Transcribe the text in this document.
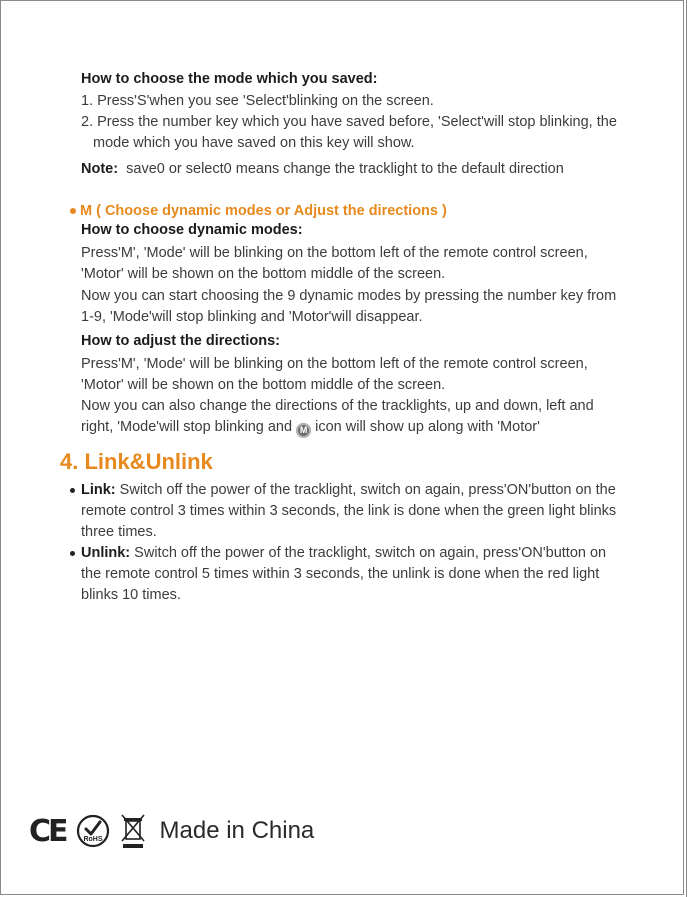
How to choose the mode which you saved:
1. Press'S'when you see 'Select'blinking on the screen.
2. Press the number key which you have saved before, 'Select'will stop blinking, the
mode which you have saved on this key will show.
Note: save0 or select0 means change the tracklight to the default direction
M ( Choose dynamic modes or Adjust the directions )
How to choose dynamic modes:
Press'M', 'Mode' will be blinking on the bottom left of the remote control screen,
'Motor' will be shown on the bottom middle of the screen.
Now you can start choosing the 9 dynamic modes by pressing the number key from
1-9, 'Mode'will stop blinking and 'Motor'will disappear.
How to adjust the directions:
Press'M', 'Mode' will be blinking on the bottom left of the remote control screen,
'Motor' will be shown on the bottom middle of the screen.
Now you can also change the directions of the tracklights, up and down, left and
right, 'Mode'will stop blinking and M icon will show up along with 'Motor'
4. Link&Unlink
Link: Switch off the power of the tracklight, switch on again, press'ON'button on the
remote control 3 times within 3 seconds, the link is done when the green light blinks
three times.
Unlink: Switch off the power of the tracklight, switch on again, press'ON'button on
the remote control 5 times within 3 seconds, the unlink is done when the red light
blinks 10 times.
CE RoHS Made in China
